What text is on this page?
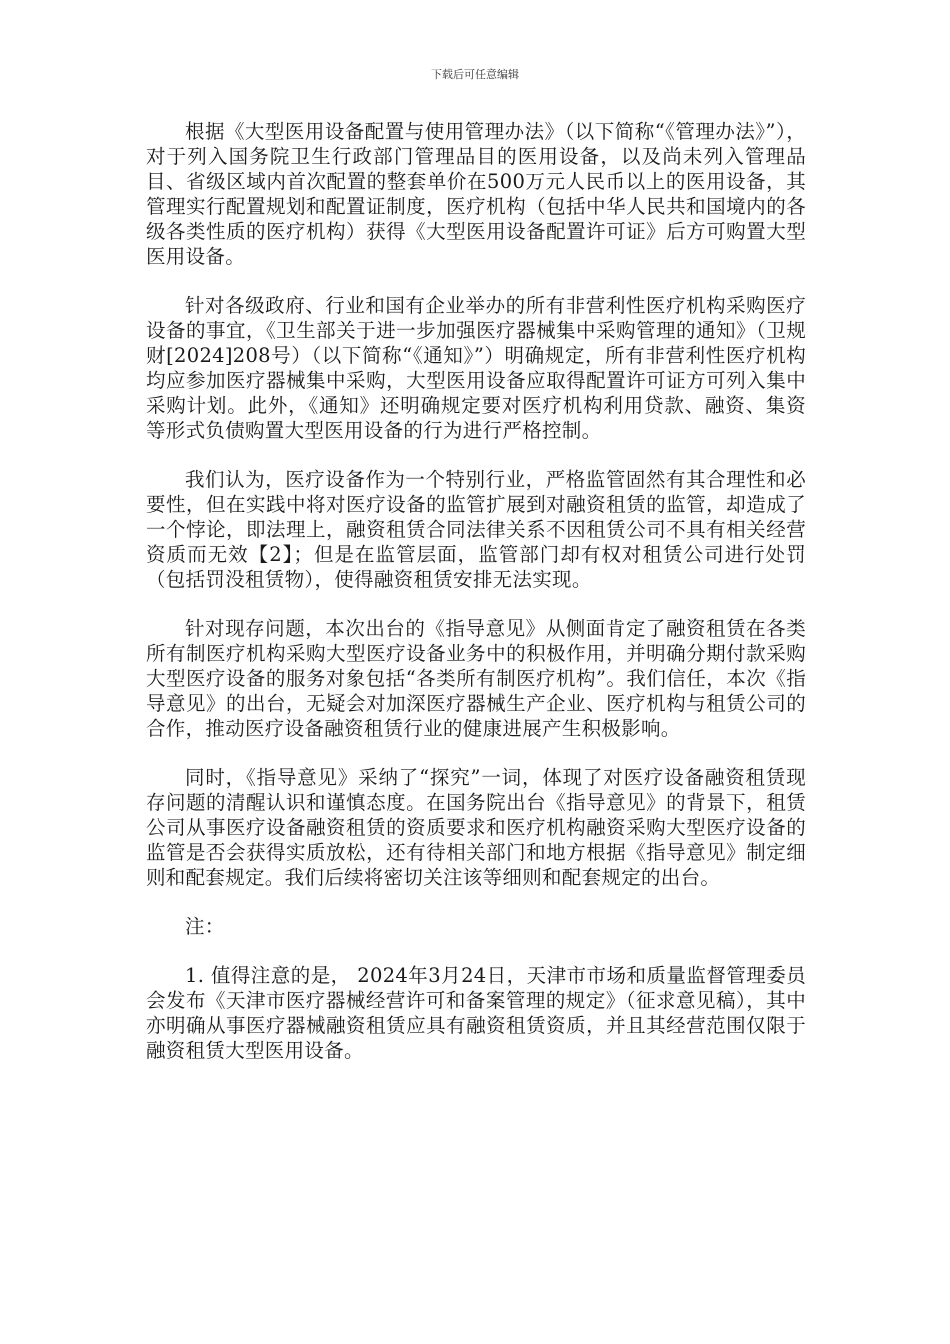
下载后可任意编辑

根据《大型医用设备配置与使用管理办法》（以下简称“《管理办法》”），对于列入国务院卫生行政部门管理品目的医用设备，以及尚未列入管理品目、省级区域内首次配置的整套单价在500万元人民币以上的医用设备，其管理实行配置规划和配置证制度，医疗机构（包括中华人民共和国境内的各级各类性质的医疗机构）获得《大型医用设备配置许可证》后方可购置大型医用设备。

针对各级政府、行业和国有企业举办的所有非营利性医疗机构采购医疗设备的事宜，《卫生部关于进一步加强医疗器械集中采购管理的通知》（卫规财[2024]208号）（以下简称“《通知》”）明确规定，所有非营利性医疗机构均应参加医疗器械集中采购，大型医用设备应取得配置许可证方可列入集中采购计划。此外，《通知》还明确规定要对医疗机构利用贷款、融资、集资等形式负债购置大型医用设备的行为进行严格控制。

我们认为，医疗设备作为一个特别行业，严格监管固然有其合理性和必要性，但在实践中将对医疗设备的监管扩展到对融资租赁的监管，却造成了一个悖论，即法理上，融资租赁合同法律关系不因租赁公司不具有相关经营资质而无效【2】；但是在监管层面，监管部门却有权对租赁公司进行处罚（包括罚没租赁物），使得融资租赁安排无法实现。

针对现存问题，本次出台的《指导意见》从侧面肯定了融资租赁在各类所有制医疗机构采购大型医疗设备业务中的积极作用，并明确分期付款采购大型医疗设备的服务对象包括“各类所有制医疗机构”。我们信任，本次《指导意见》的出台，无疑会对加深医疗器械生产企业、医疗机构与租赁公司的合作，推动医疗设备融资租赁行业的健康进展产生积极影响。

同时，《指导意见》采纳了“探究”一词，体现了对医疗设备融资租赁现存问题的清醒认识和谨慎态度。在国务院出台《指导意见》的背景下，租赁公司从事医疗设备融资租赁的资质要求和医疗机构融资采购大型医疗设备的监管是否会获得实质放松，还有待相关部门和地方根据《指导意见》制定细则和配套规定。我们后续将密切关注该等细则和配套规定的出台。

注：

1. 值得注意的是， 2024年3月24日，天津市市场和质量监督管理委员会发布《天津市医疗器械经营许可和备案管理的规定》（征求意见稿），其中亦明确从事医疗器械融资租赁应具有融资租赁资质，并且其经营范围仅限于融资租赁大型医用设备。
